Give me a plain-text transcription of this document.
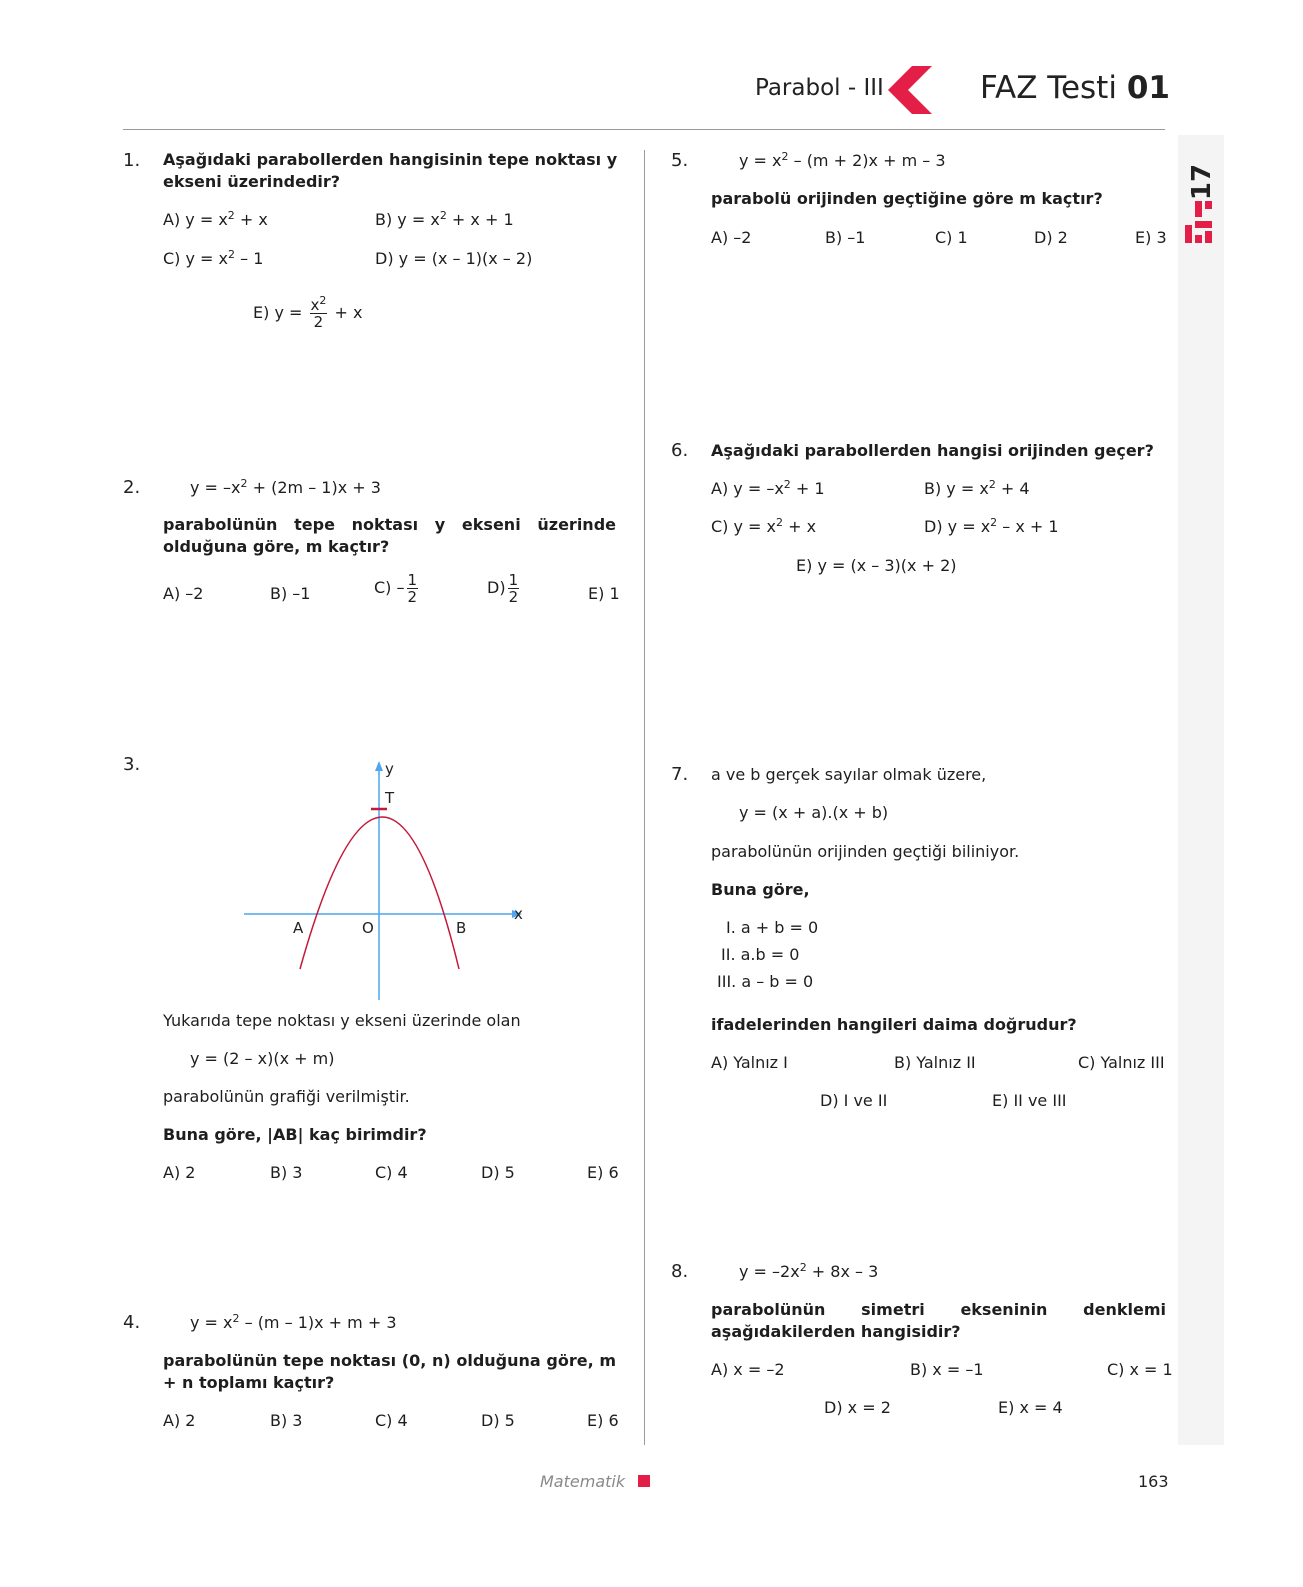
Parabol - III	FAZ Testi 01
17
1. Aşağıdaki parabollerden hangisinin tepe noktası y ekseni üzerindedir?
A) $y = x^2 + x$	B) $y = x^2 + x + 1$
C) $y = x^2 - 1$	D) y = (x – 1)(x – 2)
E) $y = \frac{x^2}{2} + x$
2.	$y = -x^2 + (2m - 1)x + 3$
parabolünün tepe noktası y ekseni üzerinde olduğuna göre, m kaçtır?
A) –2	B) –1	$C) - \frac{1}{2}$	$D) \frac{1}{2}$	E) 1
3.	y
T
x
A	O	B
Yukarıda tepe noktası y ekseni üzerinde olan
y = (2 – x)(x + m)
parabolünün grafiği verilmiştir.
Buna göre, |AB| kaç birimdir?
A) 2	B) 3	C) 4	D) 5	E) 6
4.	$y = x^2 - (m - 1)x + m + 3$
parabolünün tepe noktası (0, n) olduğuna göre, m + n toplamı kaçtır?
A) 2	B) 3	C) 4	D) 5	E) 6
5.	$y = x^2 - (m + 2)x + m - 3$
parabolü orijinden geçtiğine göre m kaçtır?
A) –2	B) –1	C) 1	D) 2	E) 3
6. Aşağıdaki parabollerden hangisi orijinden geçer?
A) $y = -x^2 + 1$	B) $y = x^2 + 4$
C) $y = x^2 + x$	D) $y = x^2 - x + 1$
E) y = (x – 3)(x + 2)
7. a ve b gerçek sayılar olmak üzere,
y = (x + a).(x + b)
parabolünün orijinden geçtiği biliniyor.
Buna göre,
I. a + b = 0
II. a.b = 0
III. a – b = 0
ifadelerinden hangileri daima doğrudur?
A) Yalnız I	B) Yalnız II	C) Yalnız III
D) I ve II	E) II ve III
8.	$y = -2x^2 + 8x - 3$
parabolünün simetri ekseninin denklemi aşağıdakilerden hangisidir?
A) x = –2	B) x = –1	C) x = 1
D) x = 2	E) x = 4
Matematik	163
